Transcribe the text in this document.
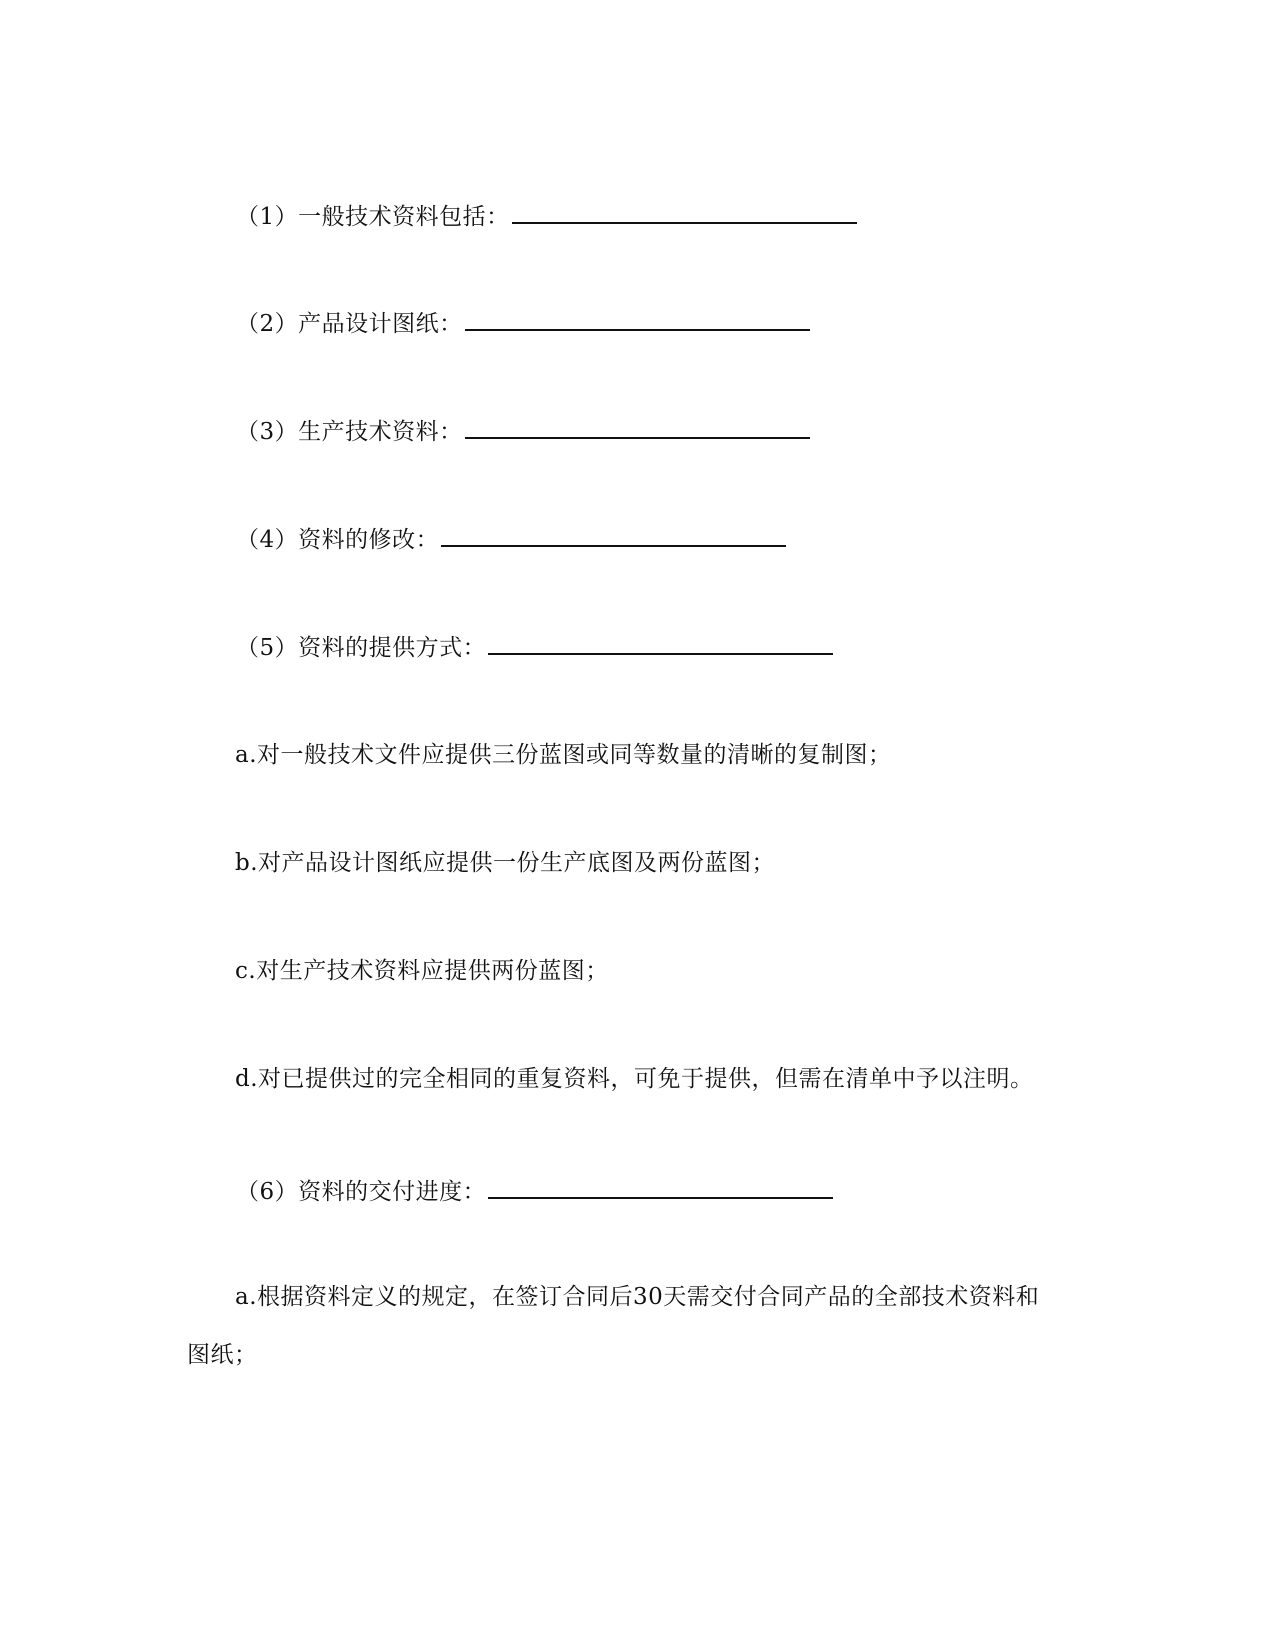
（1）一般技术资料包括：
（2）产品设计图纸：
（3）生产技术资料：
（4）资料的修改：
（5）资料的提供方式：
a.对一般技术文件应提供三份蓝图或同等数量的清晰的复制图；
b.对产品设计图纸应提供一份生产底图及两份蓝图；
c.对生产技术资料应提供两份蓝图；
d.对已提供过的完全相同的重复资料，可免于提供，但需在清单中予以注明。
（6）资料的交付进度：
a.根据资料定义的规定，在签订合同后30天需交付合同产品的全部技术资料和
图纸；
